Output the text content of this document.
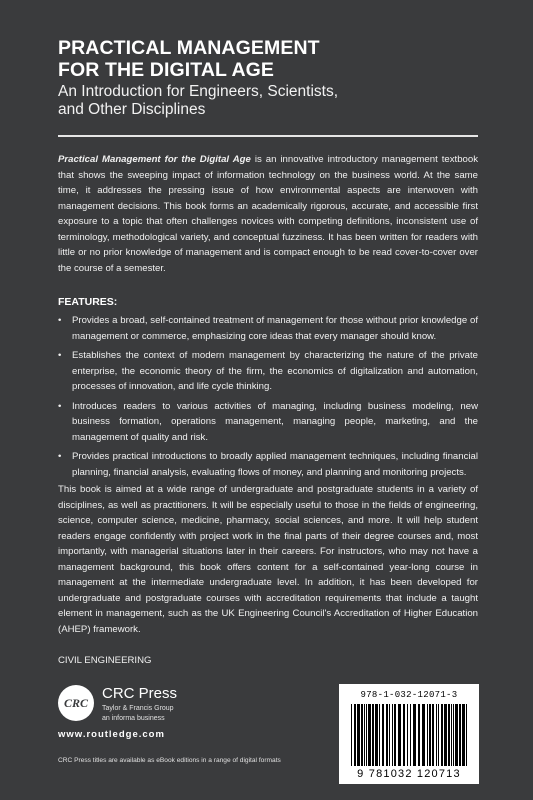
PRACTICAL MANAGEMENT
FOR THE DIGITAL AGE
An Introduction for Engineers, Scientists,
and Other Disciplines
Practical Management for the Digital Age is an innovative introductory management textbook that shows the sweeping impact of information technology on the business world. At the same time, it addresses the pressing issue of how environmental aspects are interwoven with management decisions. This book forms an academically rigorous, accurate, and accessible first exposure to a topic that often challenges novices with competing definitions, inconsistent use of terminology, methodological variety, and conceptual fuzziness. It has been written for readers with little or no prior knowledge of management and is compact enough to be read cover-to-cover over the course of a semester.
FEATURES:
• Provides a broad, self-contained treatment of management for those without prior knowledge of management or commerce, emphasizing core ideas that every manager should know.
• Establishes the context of modern management by characterizing the nature of the private enterprise, the economic theory of the firm, the economics of digitalization and automation, processes of innovation, and life cycle thinking.
• Introduces readers to various activities of managing, including business modeling, new business formation, operations management, managing people, marketing, and the management of quality and risk.
• Provides practical introductions to broadly applied management techniques, including financial planning, financial analysis, evaluating flows of money, and planning and monitoring projects.
This book is aimed at a wide range of undergraduate and postgraduate students in a variety of disciplines, as well as practitioners. It will be especially useful to those in the fields of engineering, science, computer science, medicine, pharmacy, social sciences, and more. It will help student readers engage confidently with project work in the final parts of their degree courses and, most importantly, with managerial situations later in their careers. For instructors, who may not have a management background, this book offers content for a self-contained year-long course in management at the intermediate undergraduate level. In addition, it has been developed for undergraduate and postgraduate courses with accreditation requirements that include a taught element in management, such as the UK Engineering Council's Accreditation of Higher Education (AHEP) framework.
CIVIL ENGINEERING
CRC
CRC Press
Taylor & Francis Group
an informa business
www.routledge.com
CRC Press titles are available as eBook editions in a range of digital formats
978-1-032-12071-3
9 781032 120713
